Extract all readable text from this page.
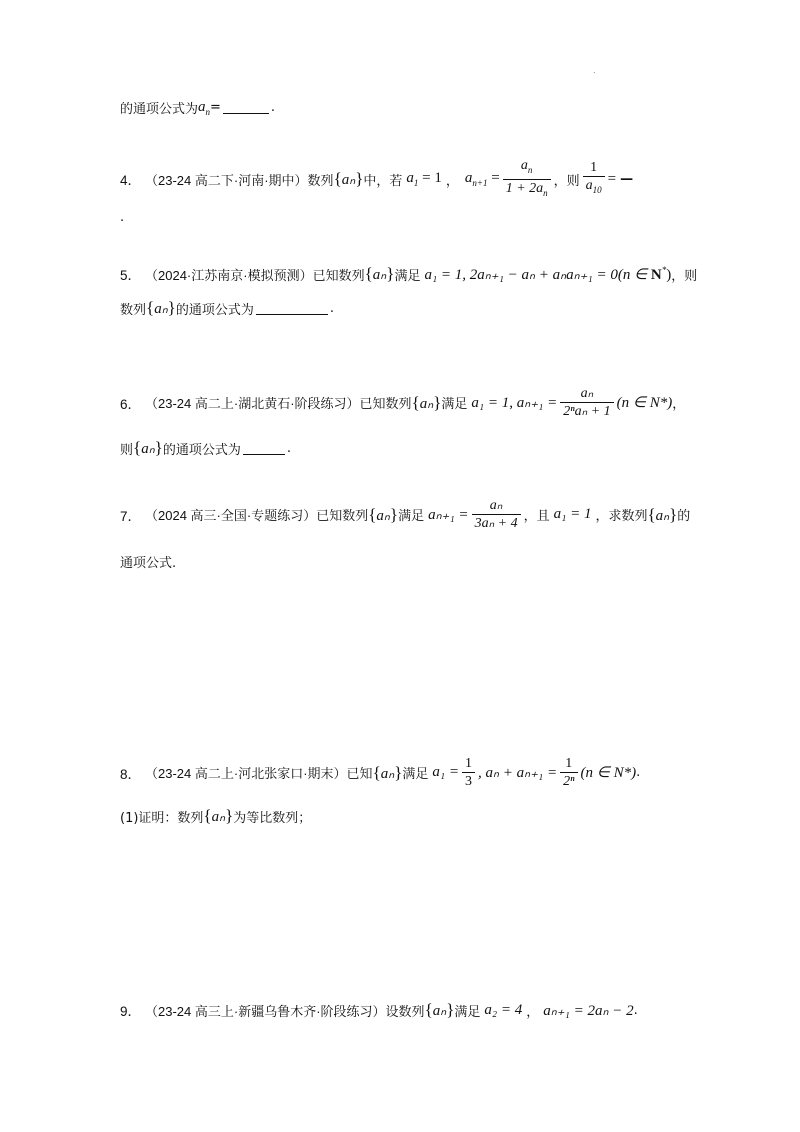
.
的通项公式为 $a_n$ =	.
4． （23-24 高二下·河南·期中） 数列 {aₙ} 中，若 $a_1 = 1$ ， $a_{n+1} = \frac{a_n}{1 + 2a_n}$ ，则 $\frac{1}{a_{10}}$ = —
.
5． （2024·江苏南京·模拟预测） 已知数列 {aₙ} 满足 a₁ = 1, 2aₙ₊₁ − aₙ + aₙaₙ₊₁ = 0(n ∈ N*) ，则
数列 {aₙ} 的通项公式为	.
6． （23-24 高二上·湖北黄石·阶段练习） 已知数列 {aₙ} 满足 a₁ = 1, $a_{n+1} = \frac{\text{aₙ}}{\text{2ⁿaₙ + 1}} (n$ ∈ N*) ，
则 {aₙ} 的通项公式为	.
7． （2024 高三·全国·专题练习） 已知数列 {aₙ} 满足 $a_{n+1} = \frac{\text{aₙ}}{\text{3aₙ + 4}}$ ，且 a₁ = 1 ，求数列 {aₙ} 的
通项公式.
8． （23-24 高二上·河北张家口·期末） 已知 {aₙ} 满足 $a_1 = \frac{1}{3}$ , $a_n + a_{n+1} = \frac{1}{\text{2ⁿ}} (n$ ∈ N*) .
(1)证明：数列 {aₙ} 为等比数列；
9． （23-24 高三上·新疆乌鲁木齐·阶段练习） 设数列 {aₙ} 满足 a₂ = 4 ， aₙ₊₁ = 2aₙ − 2 .
